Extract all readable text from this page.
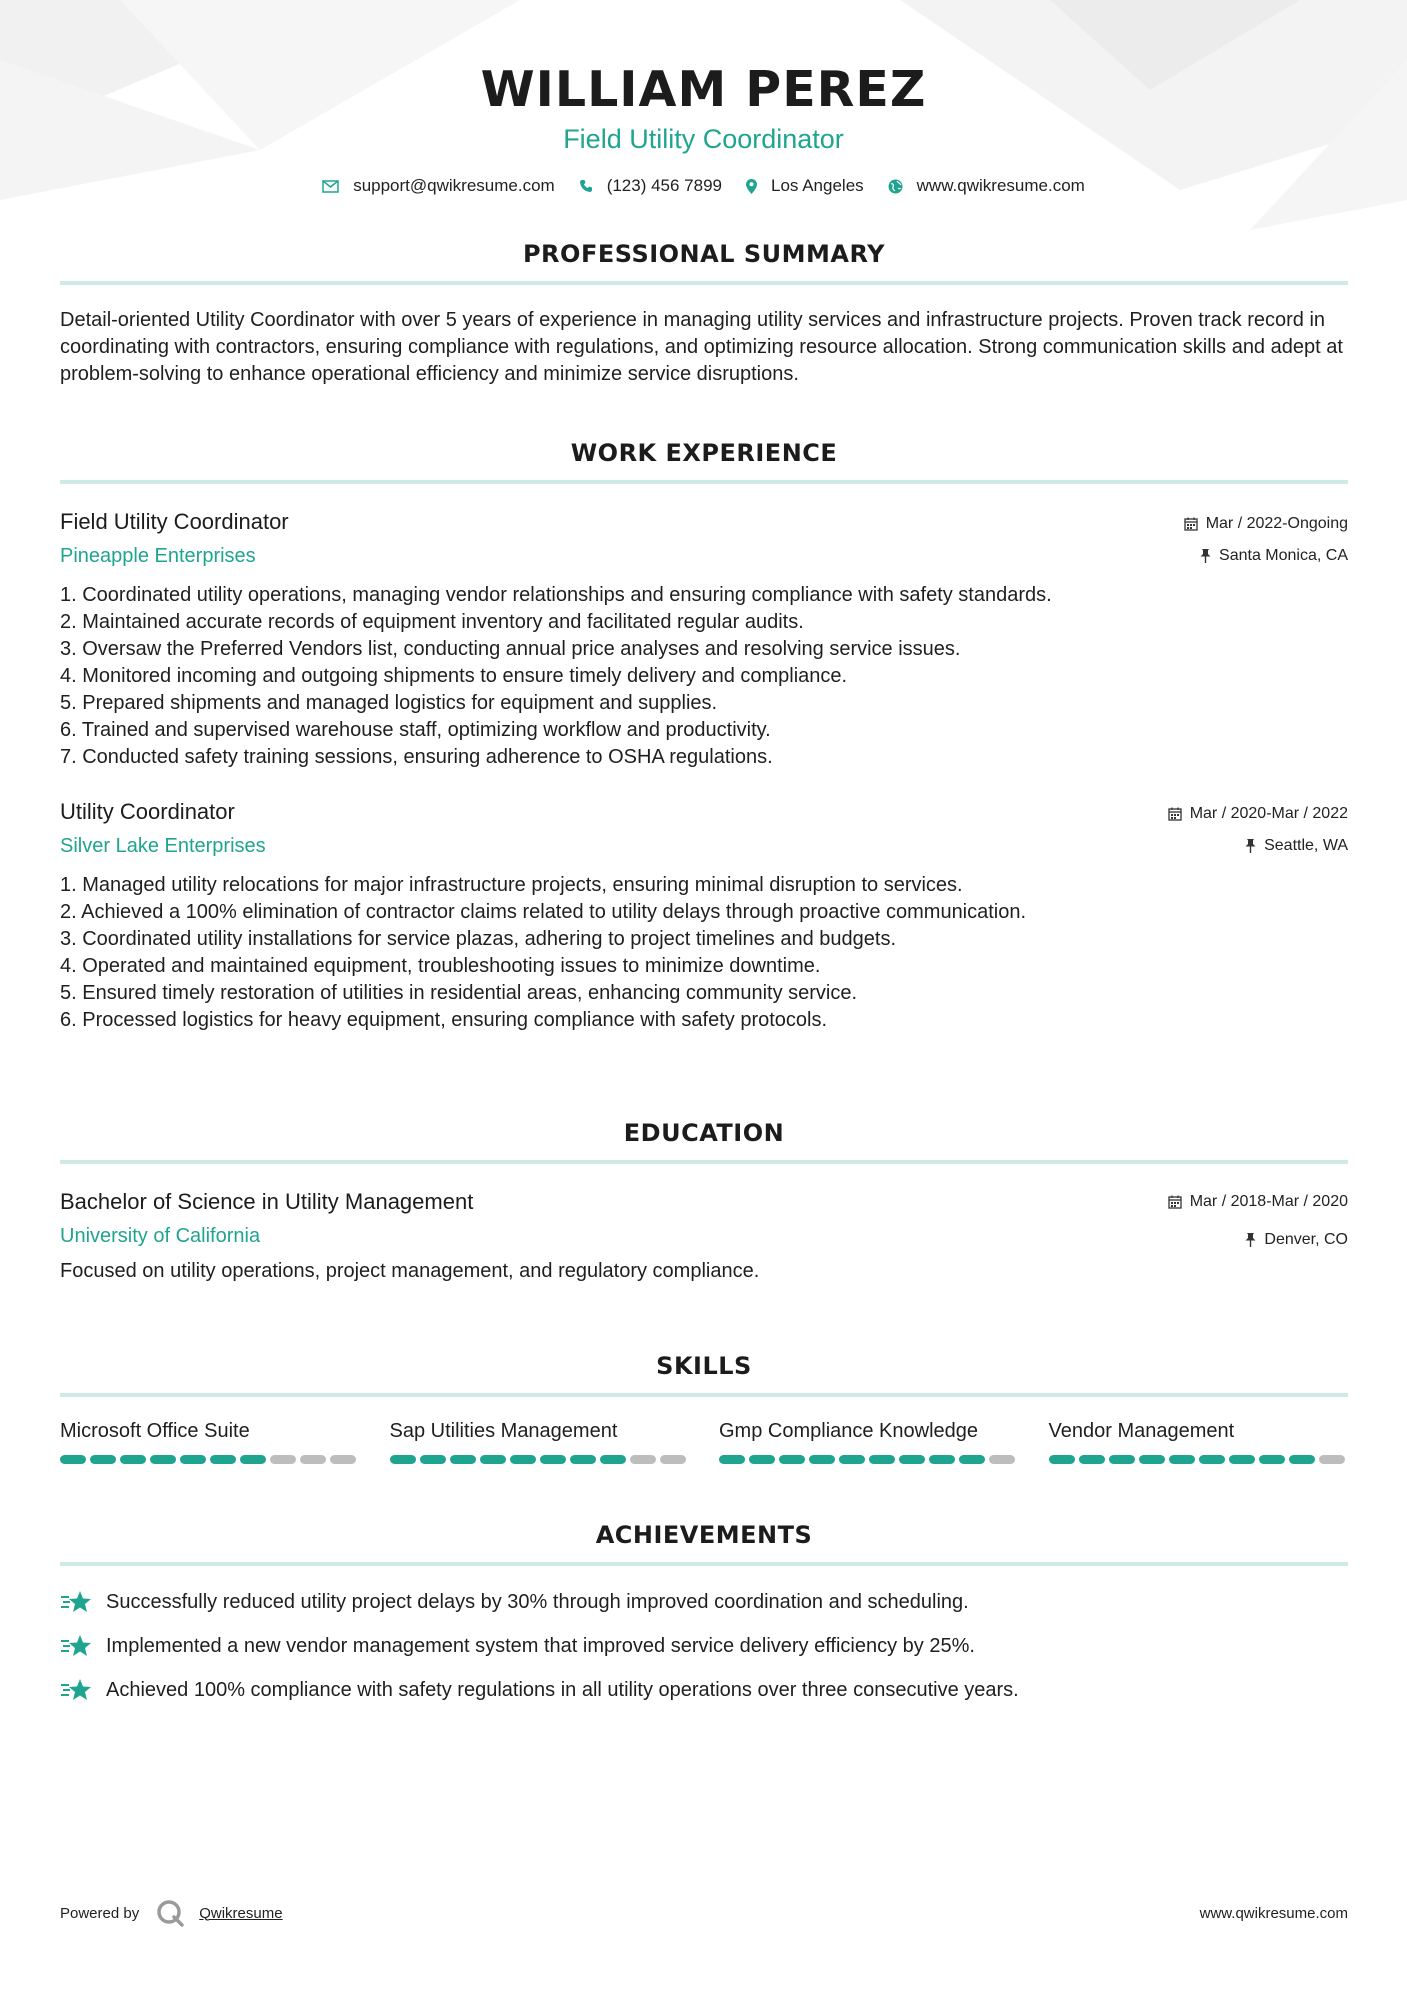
WILLIAM PEREZ
Field Utility Coordinator
support@qwikresume.com	(123) 456 7899	Los Angeles	www.qwikresume.com
PROFESSIONAL SUMMARY

Detail-oriented Utility Coordinator with over 5 years of experience in managing utility services and infrastructure projects. Proven track record in coordinating with contractors, ensuring compliance with regulations, and optimizing resource allocation. Strong communication skills and adept at problem-solving to enhance operational efficiency and minimize service disruptions.

WORK EXPERIENCE
Field Utility Coordinator
Pineapple Enterprises
Mar / 2022-Ongoing
Santa Monica, CA
1. Coordinated utility operations, managing vendor relationships and ensuring compliance with safety standards.
2. Maintained accurate records of equipment inventory and facilitated regular audits.
3. Oversaw the Preferred Vendors list, conducting annual price analyses and resolving service issues.
4. Monitored incoming and outgoing shipments to ensure timely delivery and compliance.
5. Prepared shipments and managed logistics for equipment and supplies.
6. Trained and supervised warehouse staff, optimizing workflow and productivity.
7. Conducted safety training sessions, ensuring adherence to OSHA regulations.
Utility Coordinator
Silver Lake Enterprises
Mar / 2020-Mar / 2022
Seattle, WA
1. Managed utility relocations for major infrastructure projects, ensuring minimal disruption to services.
2. Achieved a 100% elimination of contractor claims related to utility delays through proactive communication.
3. Coordinated utility installations for service plazas, adhering to project timelines and budgets.
4. Operated and maintained equipment, troubleshooting issues to minimize downtime.
5. Ensured timely restoration of utilities in residential areas, enhancing community service.
6. Processed logistics for heavy equipment, ensuring compliance with safety protocols.
EDUCATION
Bachelor of Science in Utility Management
University of California
Mar / 2018-Mar / 2020
Denver, CO

Focused on utility operations, project management, and regulatory compliance.

SKILLS
Microsoft Office Suite	Sap Utilities Management	Gmp Compliance Knowledge	Vendor Management
ACHIEVEMENTS
Successfully reduced utility project delays by 30% through improved coordination and scheduling.
Implemented a new vendor management system that improved service delivery efficiency by 25%.
Achieved 100% compliance with safety regulations in all utility operations over three consecutive years.
Powered by	Qwikresume	www.qwikresume.com
